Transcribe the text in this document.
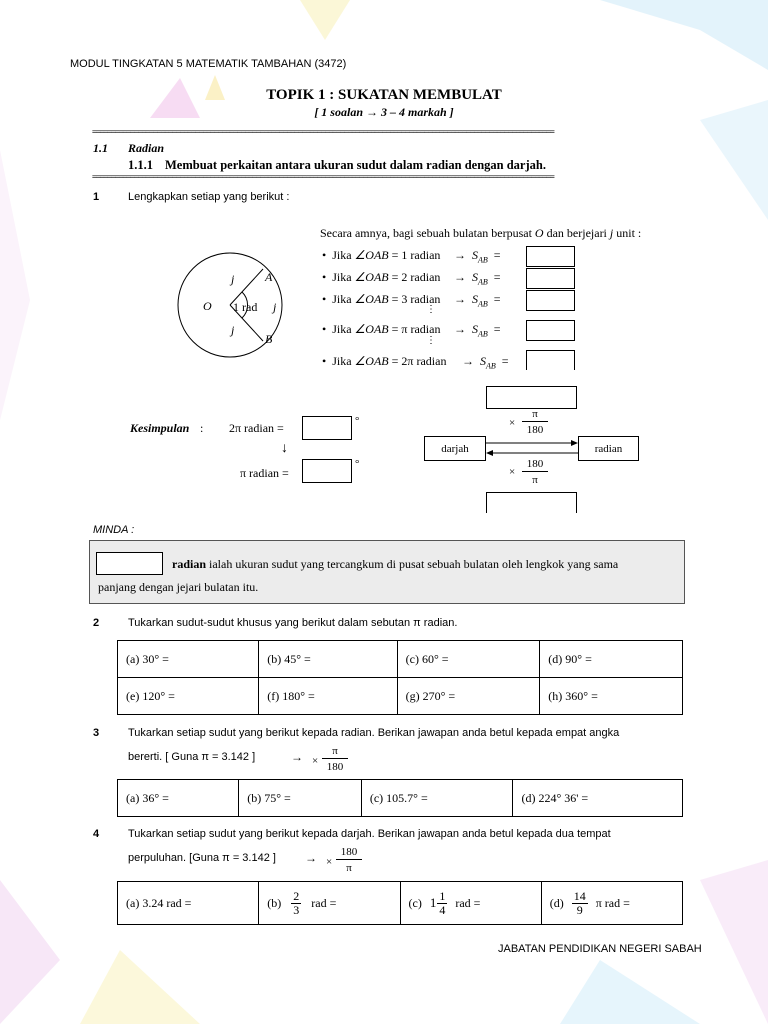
MODUL TINGKATAN 5 MATEMATIK TAMBAHAN (3472)
TOPIK 1 : SUKATAN MEMBULAT
[ 1 soalan → 3 – 4 markah ]
=========================================================================================================================
1.1 Radian
1.1.1 Membuat perkaitan antara ukuran sudut dalam radian dengan darjah.
=========================================================================================================================
1	Lengkapkan setiap yang berikut :
Secara amnya, bagi sebuah bulatan berpusat O dan berjejari j unit :
j	A
O 1 rad j
j
B
•  Jika ∠OAB = 1 radian → $S_{AB}$ =
•  Jika ∠OAB = 2 radian → $S_{AB}$ =
•  Jika ∠OAB = 3 radian → $S_{AB}$ =
⋮
•  Jika ∠OAB = π radian → $S_{AB}$ =
⋮
•  Jika ∠OAB = 2π radian → $S_{AB}$ =
Kesimpulan : 2π radian =	°
↓
π radian =
°
×
π
180
darjah	radian
×
180
π
MINDA :
radian ialah ukuran sudut yang tercangkum di pusat sebuah bulatan oleh lengkok yang sama
panjang dengan jejari bulatan itu.
2	Tukarkan sudut-sudut khusus yang berikut dalam sebutan π radian.
(a) 30° =	(b) 45° =	(c) 60° =	(d) 90° =
(e) 120° =	(f) 180° =	(g) 270° =	(h) 360° =
3	Tukarkan setiap sudut yang berikut kepada radian. Berikan jawapan anda betul kepada empat angka
bererti. [ Guna π = 3.142 ]	→ ×
π
180
(a) 36° =	(b) 75° =	(c) 105.7° =	(d) 224° 36' =
4	Tukarkan setiap sudut yang berikut kepada darjah. Berikan jawapan anda betul kepada dua tempat
perpuluhan. [Guna π = 3.142 ] → ×
180
π
(a) 3.24 rad =	(b) 2
3 rad =	(c) 1 1
4 rad =	(d) 14
9 π rad =
JABATAN PENDIDIKAN NEGERI SABAH
